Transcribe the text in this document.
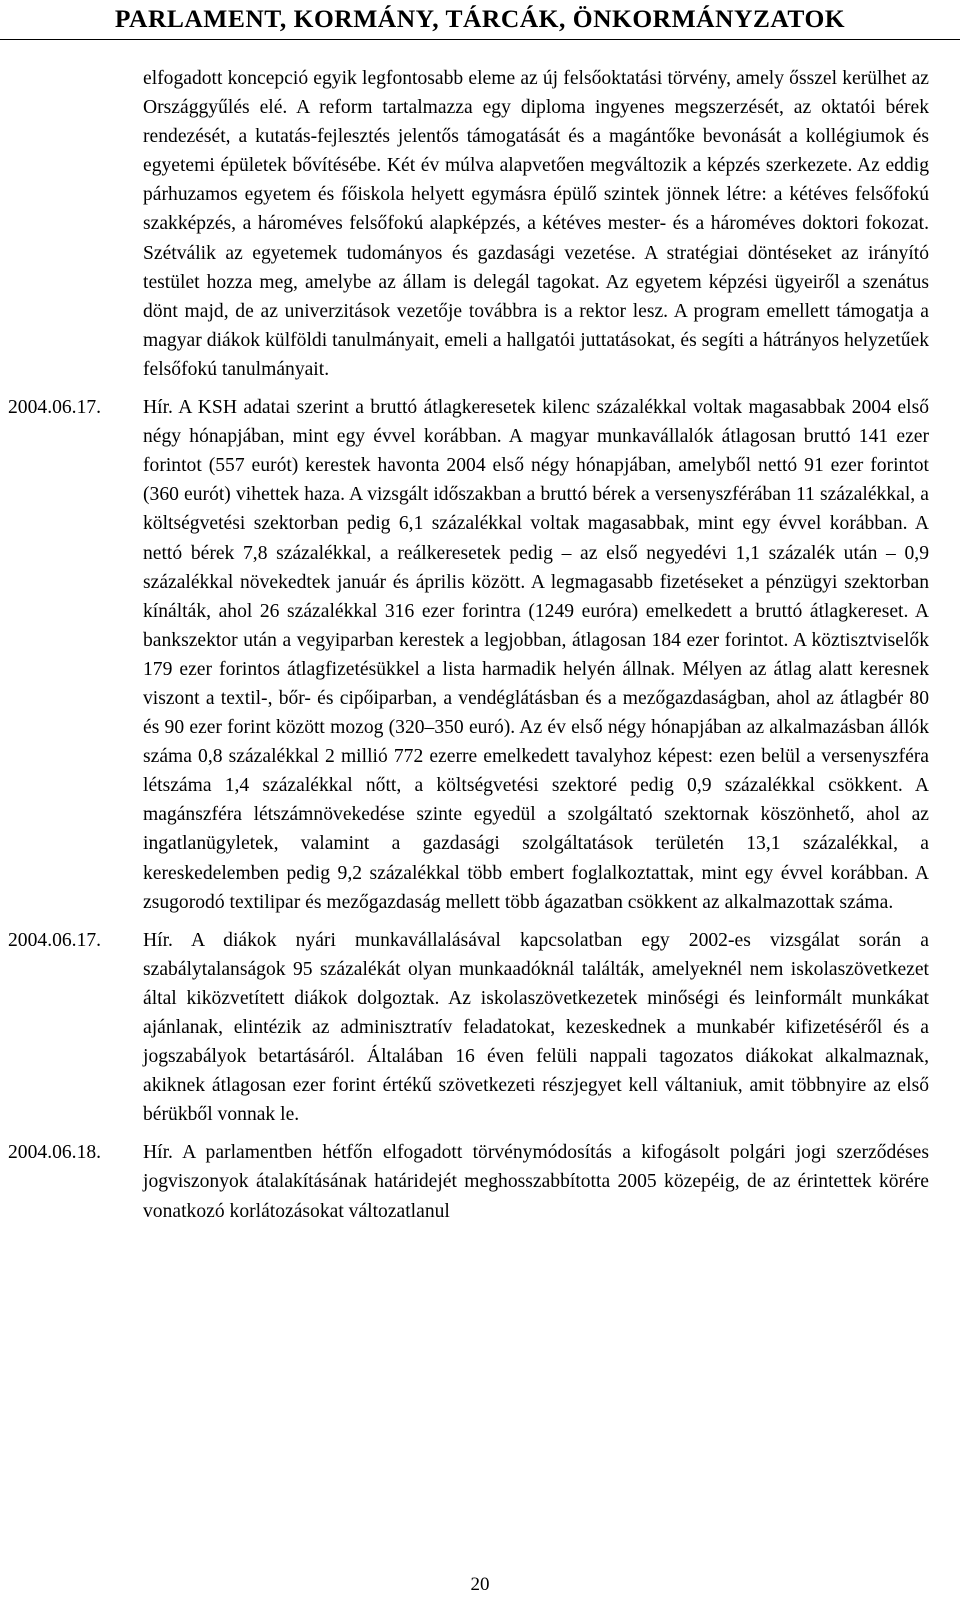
PARLAMENT, KORMÁNY, TÁRCÁK, ÖNKORMÁNYZATOK
elfogadott koncepció egyik legfontosabb eleme az új felsőoktatási törvény, amely ősszel kerülhet az Országgyűlés elé. A reform tartalmazza egy diploma ingyenes megszerzését, az oktatói bérek rendezését, a kutatás-fejlesztés jelentős támogatását és a magántőke bevonását a kollégiumok és egyetemi épületek bővítésébe. Két év múlva alapvetően megváltozik a képzés szerkezete. Az eddig párhuzamos egyetem és főiskola helyett egymásra épülő szintek jönnek létre: a kétéves felsőfokú szakképzés, a hároméves felsőfokú alapképzés, a kétéves mester- és a hároméves doktori fokozat. Szétválik az egyetemek tudományos és gazdasági vezetése. A stratégiai döntéseket az irányító testület hozza meg, amelybe az állam is delegál tagokat. Az egyetem képzési ügyeiről a szenátus dönt majd, de az univerzitások vezetője továbbra is a rektor lesz. A program emellett támogatja a magyar diákok külföldi tanulmányait, emeli a hallgatói juttatásokat, és segíti a hátrányos helyzetűek felsőfokú tanulmányait.
2004.06.17. Hír. A KSH adatai szerint a bruttó átlagkeresetek kilenc százalékkal voltak magasabbak 2004 első négy hónapjában, mint egy évvel korábban. A magyar munkavállalók átlagosan bruttó 141 ezer forintot (557 eurót) kerestek havonta 2004 első négy hónapjában, amelyből nettó 91 ezer forintot (360 eurót) vihettek haza. A vizsgált időszakban a bruttó bérek a versenyszférában 11 százalékkal, a költségvetési szektorban pedig 6,1 százalékkal voltak magasabbak, mint egy évvel korábban. A nettó bérek 7,8 százalékkal, a reálkeresetek pedig – az első negyedévi 1,1 százalék után – 0,9 százalékkal növekedtek január és április között. A legmagasabb fizetéseket a pénzügyi szektorban kínálták, ahol 26 százalékkal 316 ezer forintra (1249 euróra) emelkedett a bruttó átlagkereset. A bankszektor után a vegyiparban kerestek a legjobban, átlagosan 184 ezer forintot. A köztisztviselők 179 ezer forintos átlagfizetésükkel a lista harmadik helyén állnak. Mélyen az átlag alatt keresnek viszont a textil-, bőr- és cipőiparban, a vendéglátásban és a mezőgazdaságban, ahol az átlagbér 80 és 90 ezer forint között mozog (320–350 euró). Az év első négy hónapjában az alkalmazásban állók száma 0,8 százalékkal 2 millió 772 ezerre emelkedett tavalyhoz képest: ezen belül a versenyszféra létszáma 1,4 százalékkal nőtt, a költségvetési szektoré pedig 0,9 százalékkal csökkent. A magánszféra létszámnövekedése szinte egyedül a szolgáltató szektornak köszönhető, ahol az ingatlanügyletek, valamint a gazdasági szolgáltatások területén 13,1 százalékkal, a kereskedelemben pedig 9,2 százalékkal több embert foglalkoztattak, mint egy évvel korábban. A zsugorodó textilipar és mezőgazdaság mellett több ágazatban csökkent az alkalmazottak száma.
2004.06.17. Hír. A diákok nyári munkavállalásával kapcsolatban egy 2002-es vizsgálat során a szabálytalanságok 95 százalékát olyan munkaadóknál találták, amelyeknél nem iskolaszövetkezet által kiközvetített diákok dolgoztak. Az iskolaszövetkezetek minőségi és leinformált munkákat ajánlanak, elintézik az adminisztratív feladatokat, kezeskednek a munkabér kifizetéséről és a jogszabályok betartásáról. Általában 16 éven felüli nappali tagozatos diákokat alkalmaznak, akiknek átlagosan ezer forint értékű szövetkezeti részjegyet kell váltaniuk, amit többnyire az első bérükből vonnak le.
2004.06.18. Hír. A parlamentben hétfőn elfogadott törvénymódosítás a kifogásolt polgári jogi szerződéses jogviszonyok átalakításának határidejét meghosszabbította 2005 közepéig, de az érintettek körére vonatkozó korlátozásokat változatlanul
20
